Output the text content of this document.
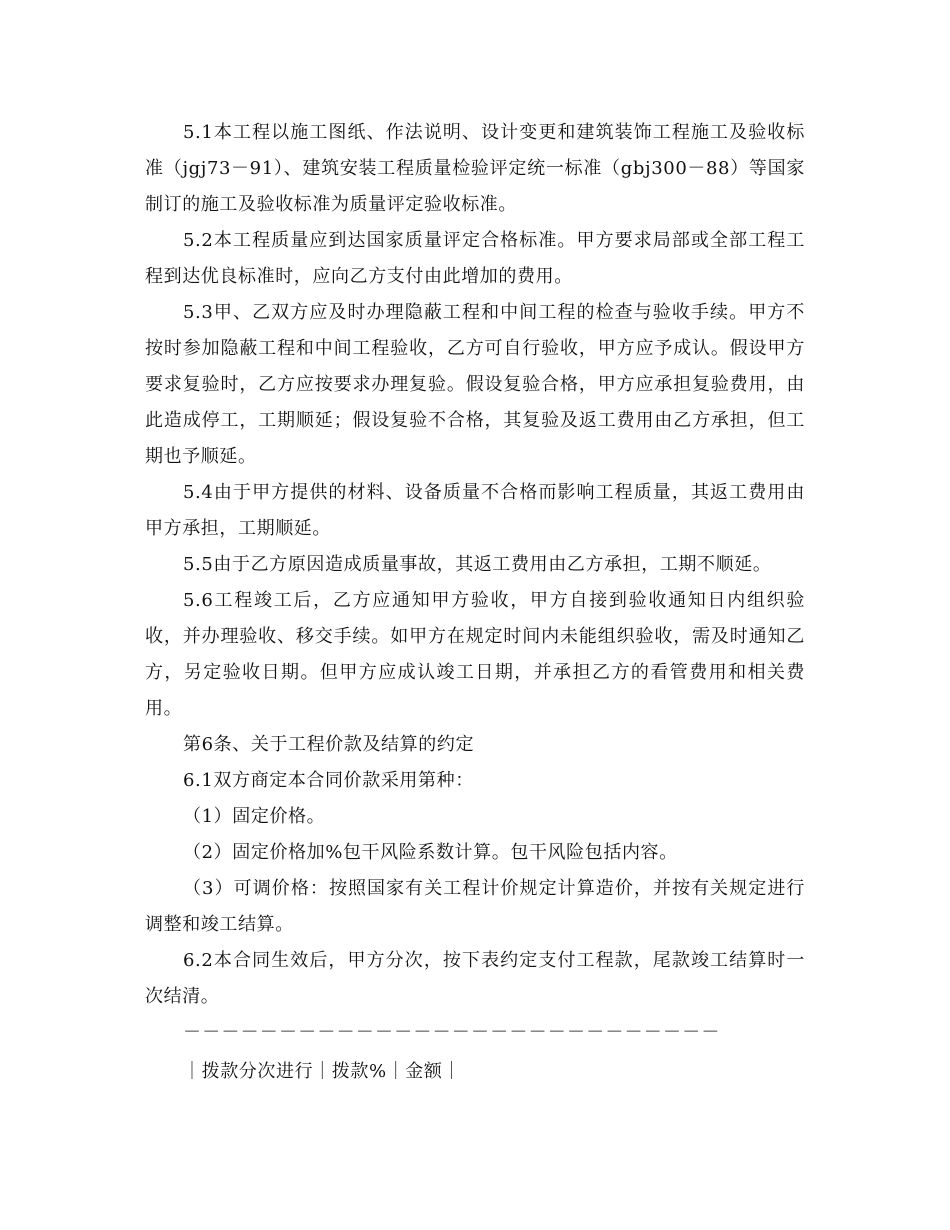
5.1本工程以施工图纸、作法说明、设计变更和建筑装饰工程施工及验收标准（jgj73－91）、建筑安装工程质量检验评定统一标准（gbj300－88）等国家制订的施工及验收标准为质量评定验收标准。

5.2本工程质量应到达国家质量评定合格标准。甲方要求局部或全部工程工程到达优良标准时，应向乙方支付由此增加的费用。

5.3甲、乙双方应及时办理隐蔽工程和中间工程的检查与验收手续。甲方不按时参加隐蔽工程和中间工程验收，乙方可自行验收，甲方应予成认。假设甲方要求复验时，乙方应按要求办理复验。假设复验合格，甲方应承担复验费用，由此造成停工，工期顺延；假设复验不合格，其复验及返工费用由乙方承担，但工期也予顺延。

5.4由于甲方提供的材料、设备质量不合格而影响工程质量，其返工费用由甲方承担，工期顺延。

5.5由于乙方原因造成质量事故，其返工费用由乙方承担，工期不顺延。

5.6工程竣工后，乙方应通知甲方验收，甲方自接到验收通知日内组织验收，并办理验收、移交手续。如甲方在规定时间内未能组织验收，需及时通知乙方，另定验收日期。但甲方应成认竣工日期，并承担乙方的看管费用和相关费用。

第6条、关于工程价款及结算的约定

6.1双方商定本合同价款采用第种：

（1）固定价格。

（2）固定价格加%包干风险系数计算。包干风险包括内容。

（3）可调价格：按照国家有关工程计价规定计算造价，并按有关规定进行调整和竣工结算。

6.2本合同生效后，甲方分次，按下表约定支付工程款，尾款竣工结算时一次结清。

－－－－－－－－－－－－－－－－－－－－－－－－－－－－

｜拨款分次进行｜拨款%｜金额｜
